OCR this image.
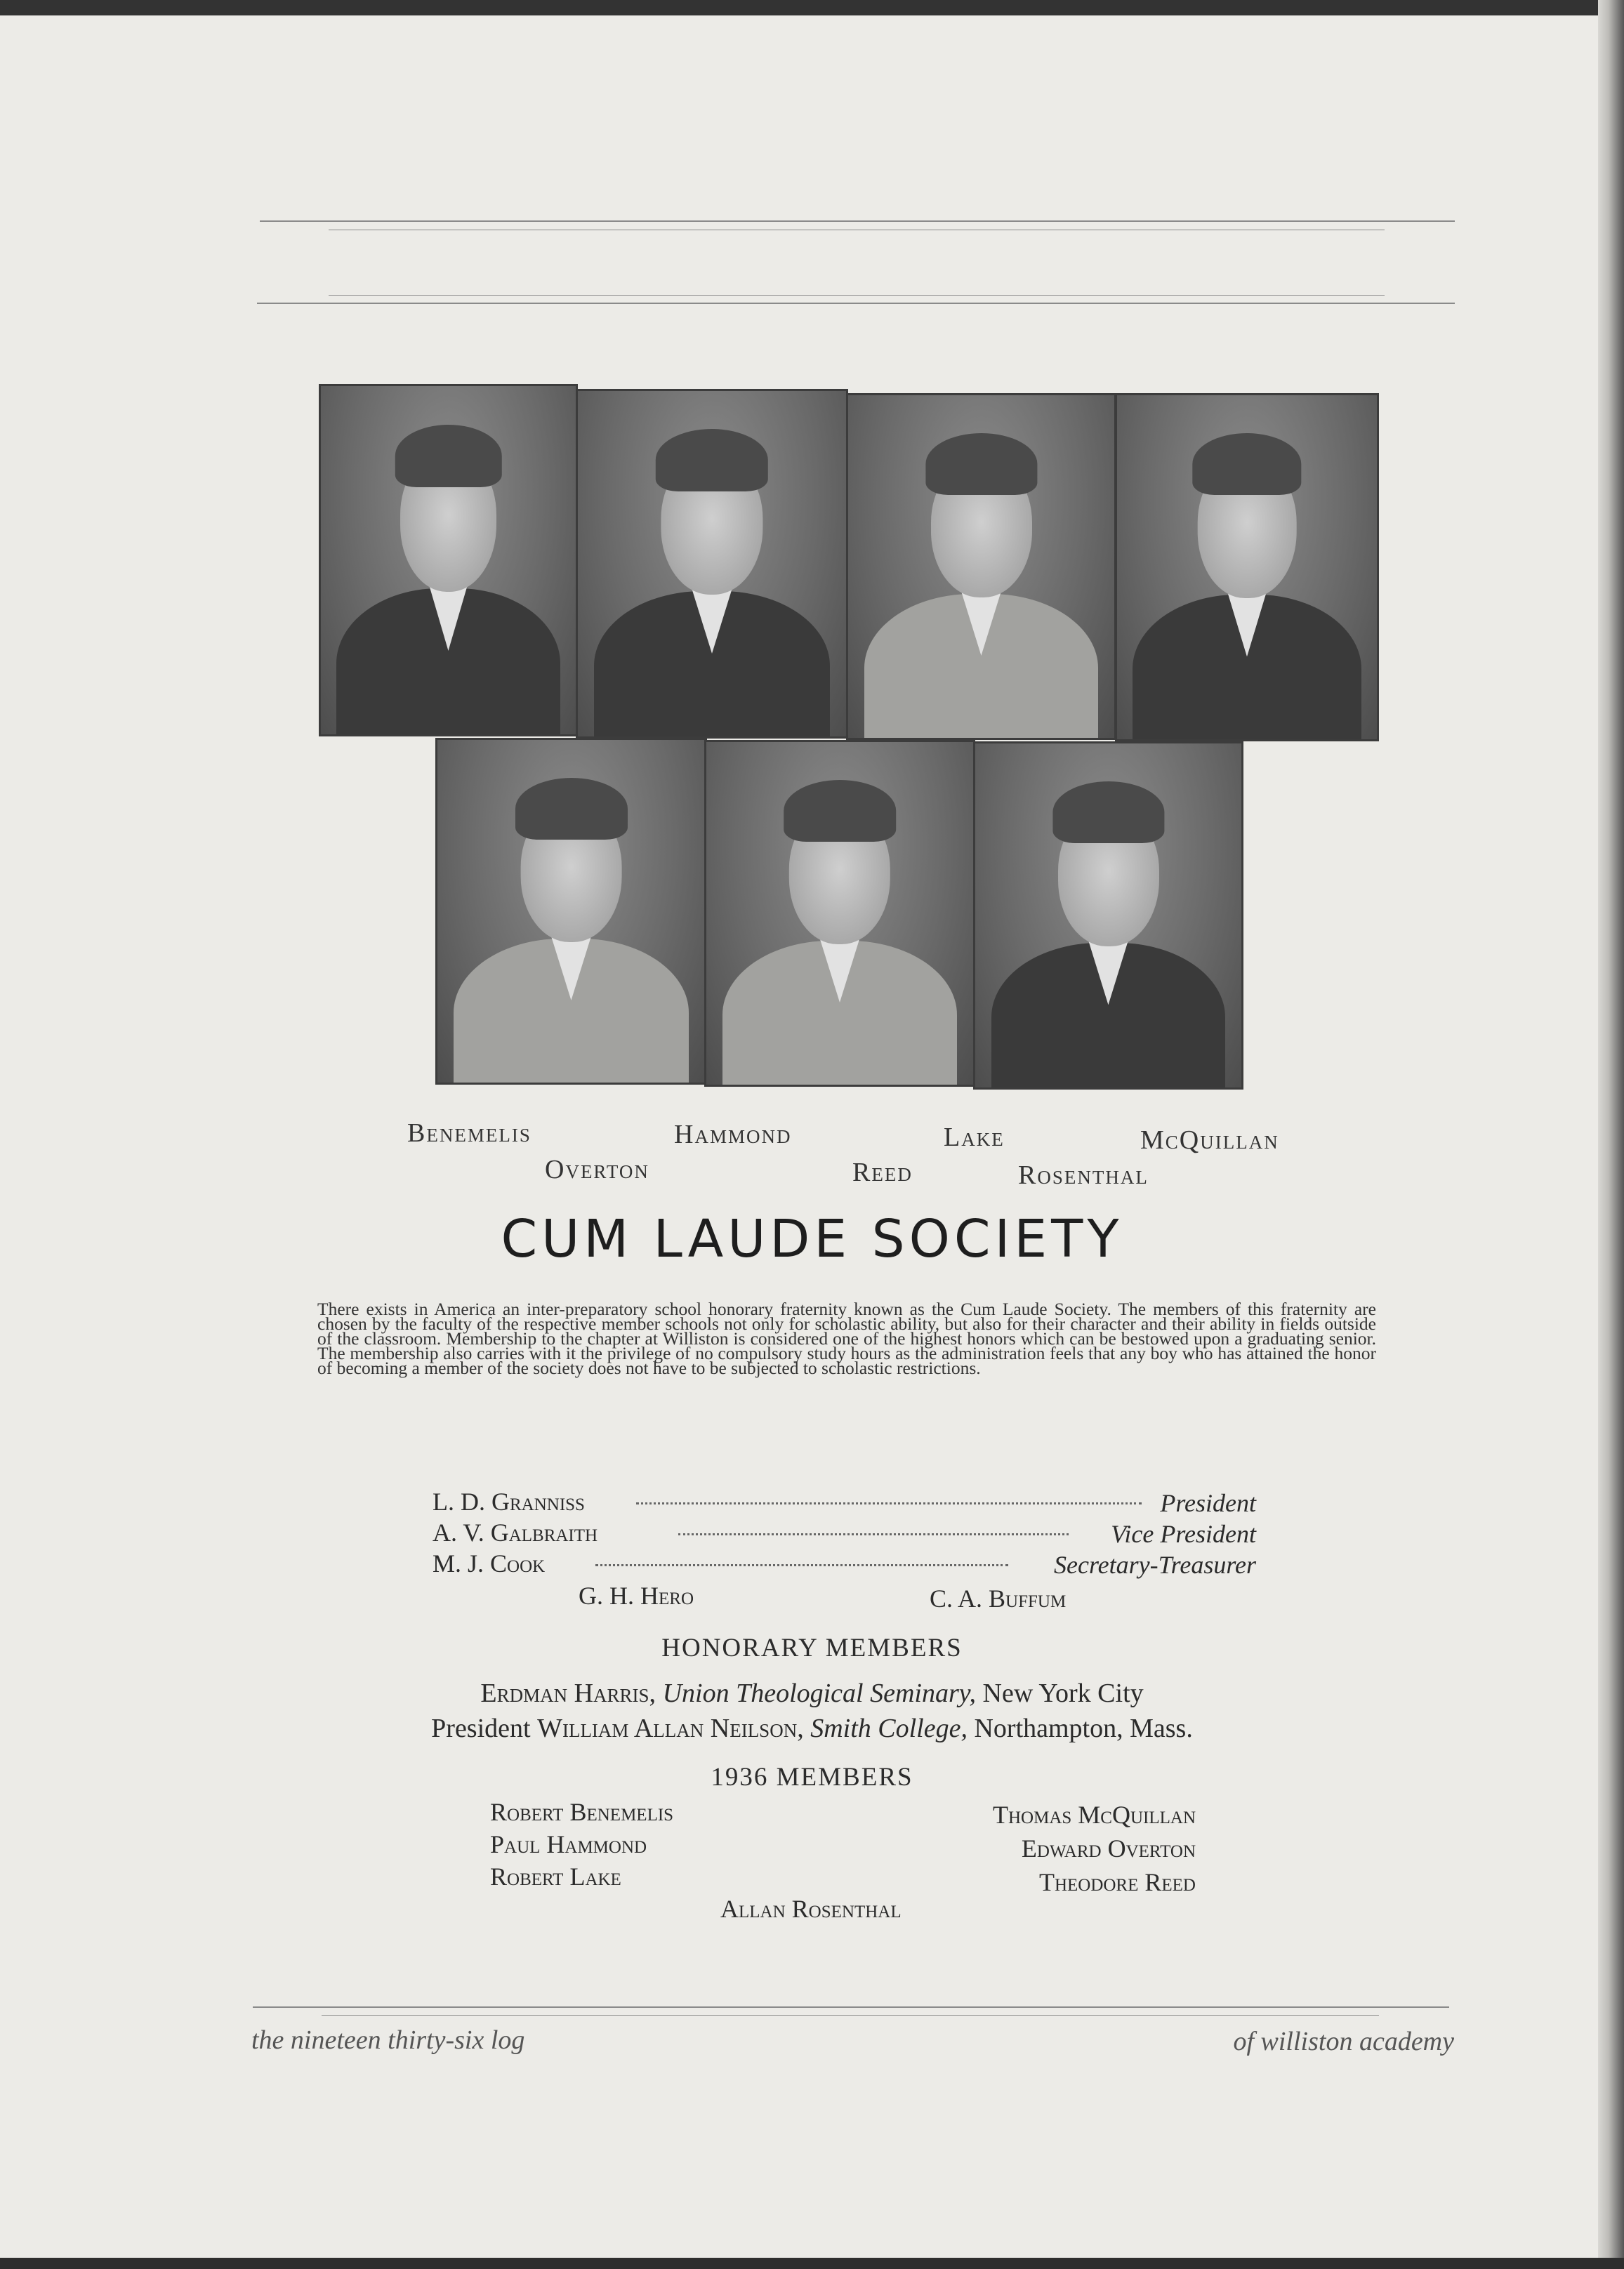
Benemelis
Overton
Hammond
Reed
Lake
Rosenthal
McQuillan
CUM LAUDE SOCIETY
There exists in America an inter-preparatory school honorary fraternity known as the Cum Laude Society. The members of this fraternity are chosen by the faculty of the respective member schools not only for scholastic ability, but also for their character and their ability in fields outside of the classroom. Membership to the chapter at Williston is considered one of the highest honors which can be bestowed upon a graduating senior. The membership also carries with it the privilege of no compulsory study hours as the administration feels that any boy who has attained the honor of becoming a member of the society does not have to be subjected to scholastic restrictions.
L. D. Granniss	President
A. V. Galbraith	Vice President
M. J. Cook	Secretary-Treasurer
G. H. Hero	C. A. Buffum
HONORARY MEMBERS
Erdman Harris, Union Theological Seminary, New York City
President William Allan Neilson, Smith College, Northampton, Mass.
1936 MEMBERS
Robert Benemelis
Paul Hammond
Robert Lake
Thomas McQuillan
Edward Overton
Theodore Reed
Allan Rosenthal
the nineteen thirty-six log	of williston academy
